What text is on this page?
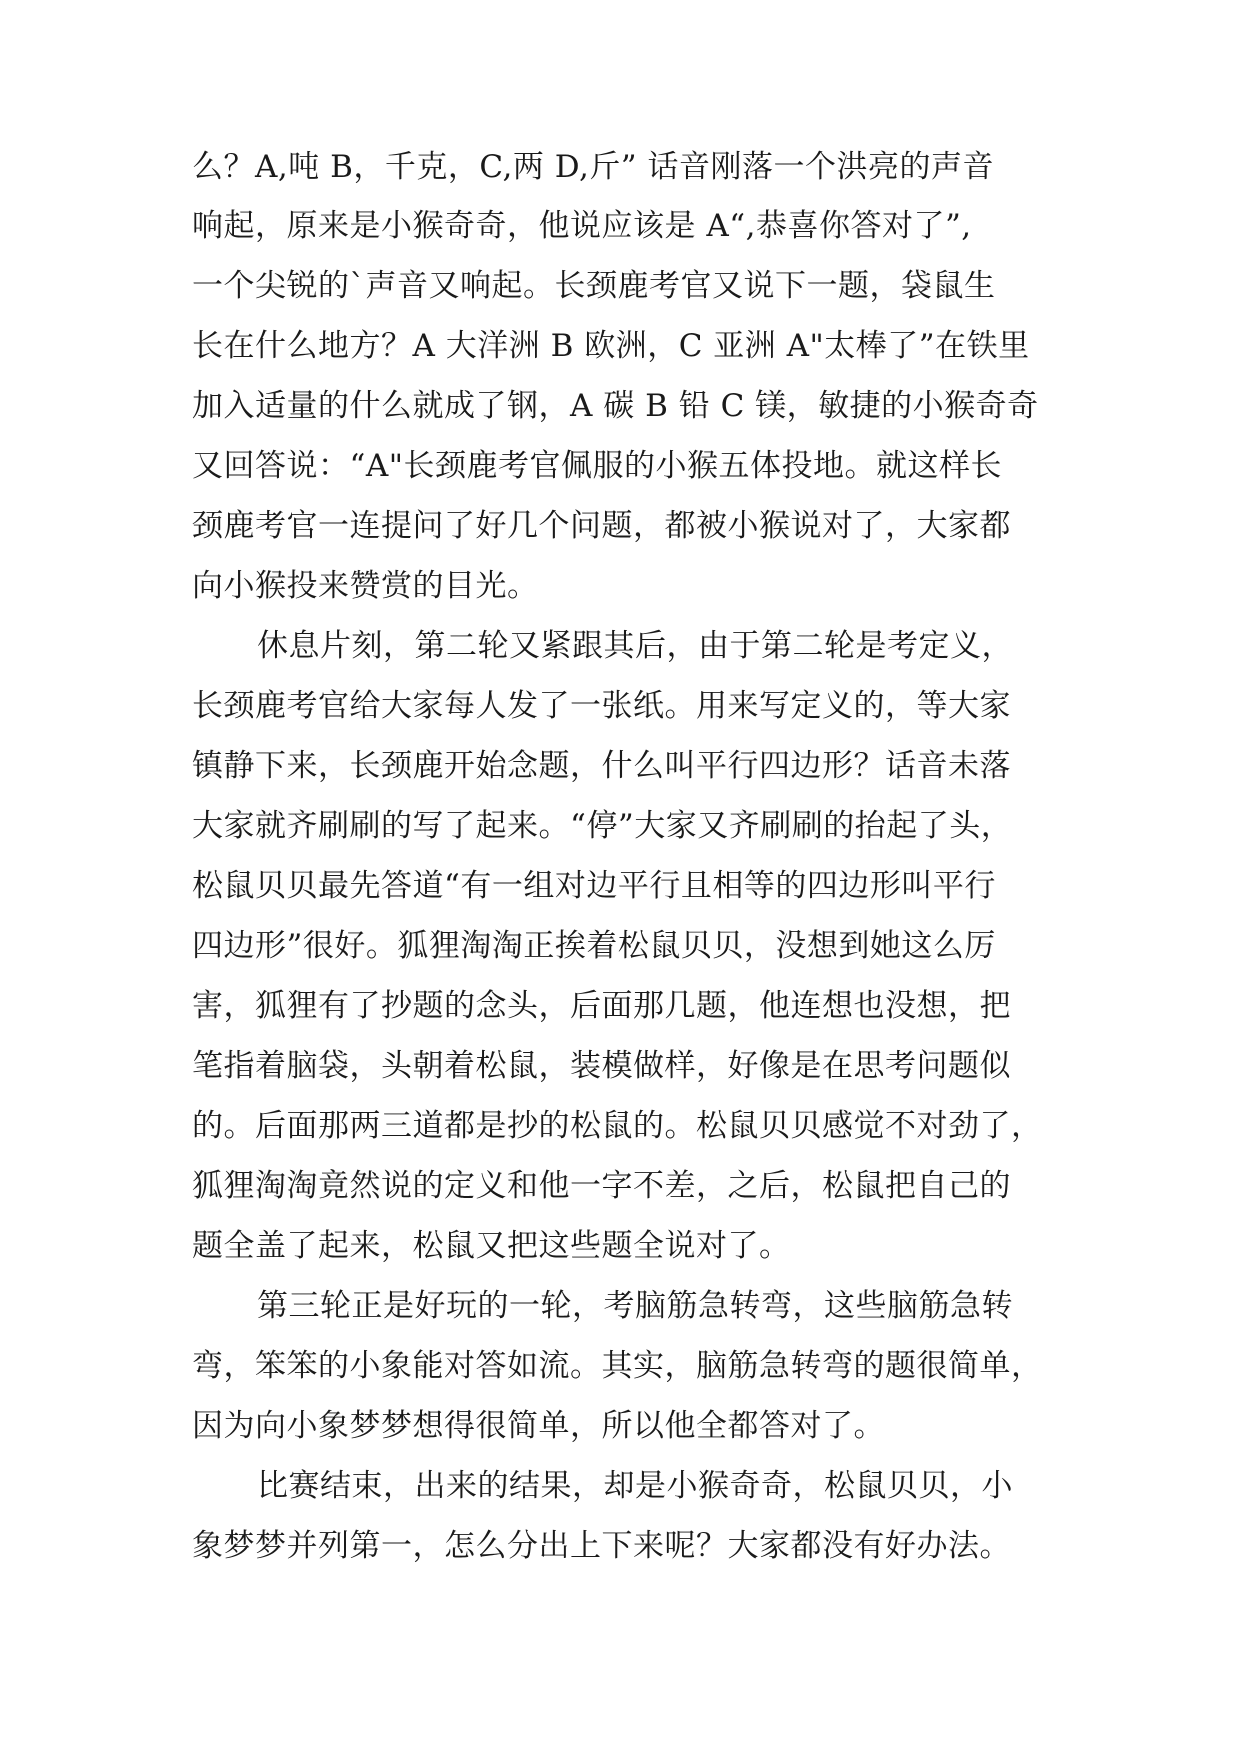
么？A,吨 B，千克，C,两 D,斤” 话音刚落一个洪亮的声音
响起，原来是小猴奇奇，他说应该是 A“,恭喜你答对了”,
一个尖锐的`声音又响起。长颈鹿考官又说下一题，袋鼠生
长在什么地方？A 大洋洲 B 欧洲，C 亚洲 A"太棒了”在铁里
加入适量的什么就成了钢，A 碳 B 铅 C 镁，敏捷的小猴奇奇
又回答说：“A"长颈鹿考官佩服的小猴五体投地。就这样长
颈鹿考官一连提问了好几个问题，都被小猴说对了，大家都
向小猴投来赞赏的目光。
休息片刻，第二轮又紧跟其后，由于第二轮是考定义，
长颈鹿考官给大家每人发了一张纸。用来写定义的，等大家
镇静下来，长颈鹿开始念题，什么叫平行四边形？话音未落
大家就齐刷刷的写了起来。“停”大家又齐刷刷的抬起了头，
松鼠贝贝最先答道“有一组对边平行且相等的四边形叫平行
四边形”很好。狐狸淘淘正挨着松鼠贝贝，没想到她这么厉
害，狐狸有了抄题的念头，后面那几题，他连想也没想，把
笔指着脑袋，头朝着松鼠，装模做样，好像是在思考问题似
的。后面那两三道都是抄的松鼠的。松鼠贝贝感觉不对劲了，
狐狸淘淘竟然说的定义和他一字不差，之后，松鼠把自己的
题全盖了起来，松鼠又把这些题全说对了。
第三轮正是好玩的一轮，考脑筋急转弯，这些脑筋急转
弯，笨笨的小象能对答如流。其实，脑筋急转弯的题很简单，
因为向小象梦梦想得很简单，所以他全都答对了。
比赛结束，出来的结果，却是小猴奇奇，松鼠贝贝，小
象梦梦并列第一，怎么分出上下来呢？大家都没有好办法。
